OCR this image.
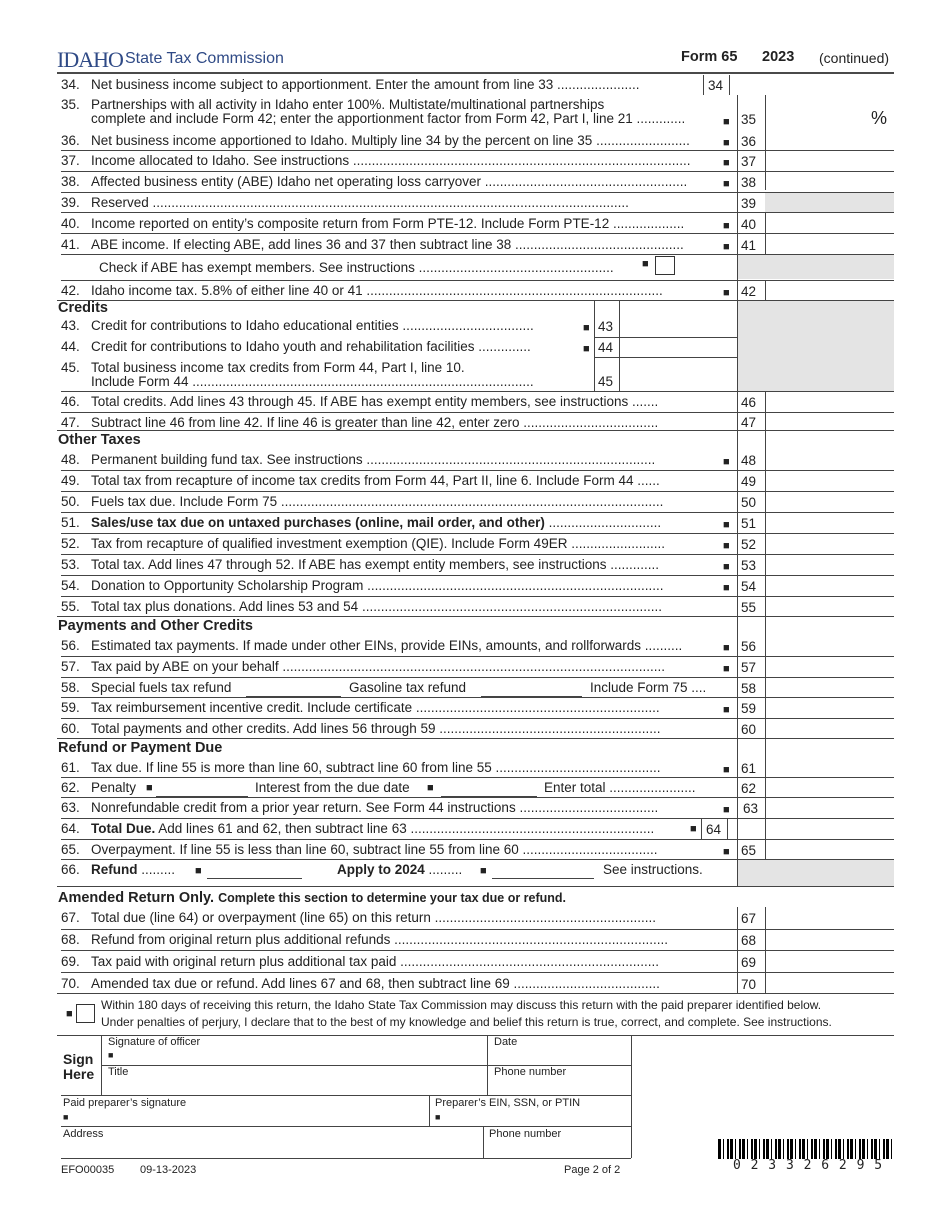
IDAHO State Tax Commission	Form 65 2023 (continued)
34
34. Net business income subject to apportionment. Enter the amount from line 33 ......................
35. Partnerships with all activity in Idaho enter 100%. Multistate/multinational partnerships
complete and include Form 42; enter the apportionment factor from Form 42, Part I, line 21 .............	35	%
36. Net business income apportioned to Idaho. Multiply line 34 by the percent on line 35 .........................	36
37. Income allocated to Idaho. See instructions ..........................................................................................	37
38. Affected business entity (ABE) Idaho net operating loss carryover ......................................................	38
39. Reserved ...............................................................................................................................	39
40. Income reported on entity’s composite return from Form PTE-12. Include Form PTE-12 ...................	40
41. ABE income. If electing ABE, add lines 36 and 37 then subtract line 38 .............................................	41
Check if ABE has exempt members. See instructions ....................................................	■
42. Idaho income tax. 5.8% of either line 40 or 41 ...............................................................................	42
Credits
43. Credit for contributions to Idaho educational entities ...................................	43
44. Credit for contributions to Idaho youth and rehabilitation facilities ..............	44
45. Total business income tax credits from Form 44, Part I, line 10.
Include Form 44 ...........................................................................................	45
46. Total credits. Add lines 43 through 45. If ABE has exempt entity members, see instructions .......	46
47. Subtract line 46 from line 42. If line 46 is greater than line 42, enter zero ....................................	47
Other Taxes
48. Permanent building fund tax. See instructions .............................................................................	48
49. Total tax from recapture of income tax credits from Form 44, Part II, line 6. Include Form 44 ......	49
50. Fuels tax due. Include Form 75 ......................................................................................................	50
51. Sales/use tax due on untaxed purchases (online, mail order, and other) ..............................	51
52. Tax from recapture of qualified investment exemption (QIE). Include Form 49ER .........................	52
53. Total tax. Add lines 47 through 52. If ABE has exempt entity members, see instructions .............	53
54. Donation to Opportunity Scholarship Program ...............................................................................	54
55. Total tax plus donations. Add lines 53 and 54 ................................................................................	55
Payments and Other Credits
56. Estimated tax payments. If made under other EINs, provide EINs, amounts, and rollforwards ..........	56
57. Tax paid by ABE on your behalf ......................................................................................................	57
58. Special fuels tax refund	Gasoline tax refund	Include Form 75 ....	58
59. Tax reimbursement incentive credit. Include certificate .................................................................	59
60. Total payments and other credits. Add lines 56 through 59 ...........................................................	60
Refund or Payment Due
61. Tax due. If line 55 is more than line 60, subtract line 60 from line 55 ............................................	61
62. Penalty ■	Interest from the due date ■	Enter total .......................	62
63. Nonrefundable credit from a prior year return. See Form 44 instructions .....................................	63
64. Total Due. Add lines 61 and 62, then subtract line 63 .................................................................	■ 64
65. Overpayment. If line 55 is less than line 60, subtract line 55 from line 60 ....................................	65
66. Refund .........	■	Apply to 2024 ......... ■	See instructions.
Amended Return Only. Complete this section to determine your tax due or refund.
67. Total due (line 64) or overpayment (line 65) on this return ...........................................................	67
68. Refund from original return plus additional refunds .........................................................................	68
69. Tax paid with original return plus additional tax paid .....................................................................	69
70. Amended tax due or refund. Add lines 67 and 68, then subtract line 69 .......................................	70
■
■
■
■
■
■
■
■
■
■
■
■
■
■
■
■
■
■
■
■
■
Within 180 days of receiving this return, the Idaho State Tax Commission may discuss this return with the paid preparer identified below.
Under penalties of perjury, I declare that to the best of my knowledge and belief this return is true, correct, and complete. See instructions.
Sign Here
Signature of officer
■
Date
Title	Phone number
Paid preparer’s signature
■
Preparer’s EIN, SSN, or PTIN
■
Address	Phone number
0 2 3 3 2 6 2 9 5
EFO00035 09-13-2023	Page 2 of 2
